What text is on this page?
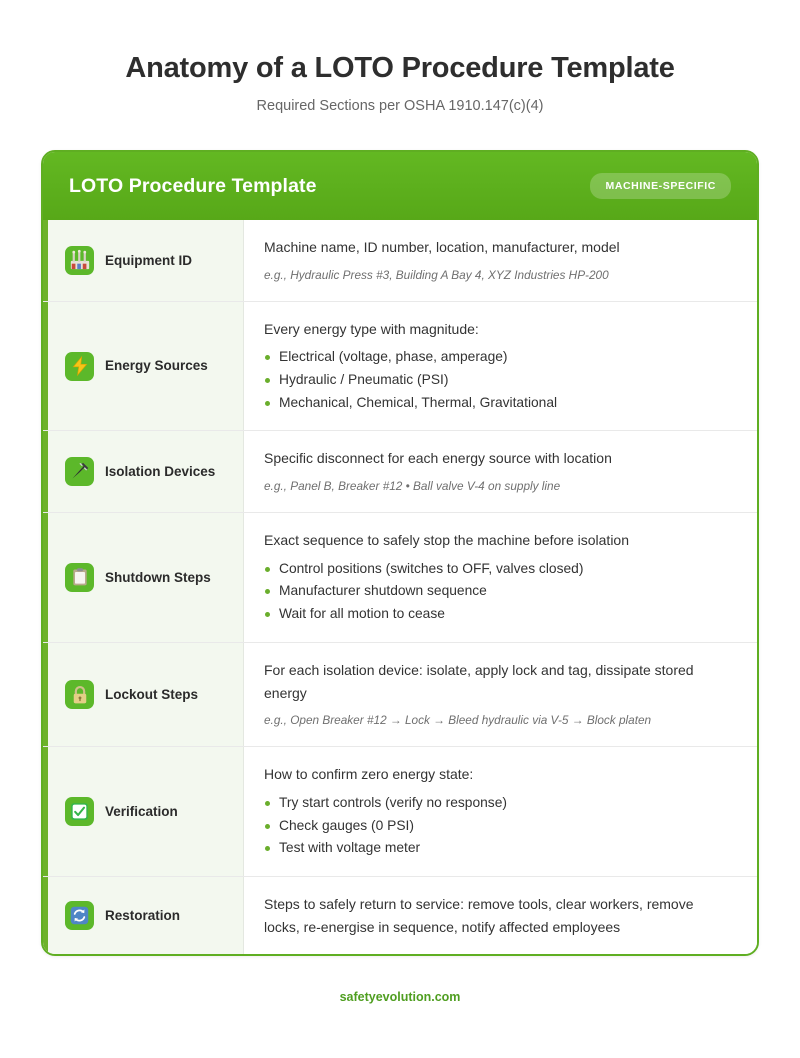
Anatomy of a LOTO Procedure Template

Required Sections per OSHA 1910.147(c)(4)

LOTO Procedure Template	MACHINE-SPECIFIC
Equipment ID
Machine name, ID number, location, manufacturer, model
e.g., Hydraulic Press #3, Building A Bay 4, XYZ Industries HP-200
Energy Sources
Every energy type with magnitude:
Electrical (voltage, phase, amperage)
Hydraulic / Pneumatic (PSI)
Mechanical, Chemical, Thermal, Gravitational
Isolation Devices
Specific disconnect for each energy source with location
e.g., Panel B, Breaker #12 • Ball valve V-4 on supply line
Shutdown Steps
Exact sequence to safely stop the machine before isolation
Control positions (switches to OFF, valves closed)
Manufacturer shutdown sequence
Wait for all motion to cease
Lockout Steps
For each isolation device: isolate, apply lock and tag, dissipate stored energy
e.g., Open Breaker #12 → Lock → Bleed hydraulic via V-5 → Block platen
Verification
How to confirm zero energy state:
Try start controls (verify no response)
Check gauges (0 PSI)
Test with voltage meter
Restoration
Steps to safely return to service: remove tools, clear workers, remove locks, re-energise in sequence, notify affected employees
safetyevolution.com
